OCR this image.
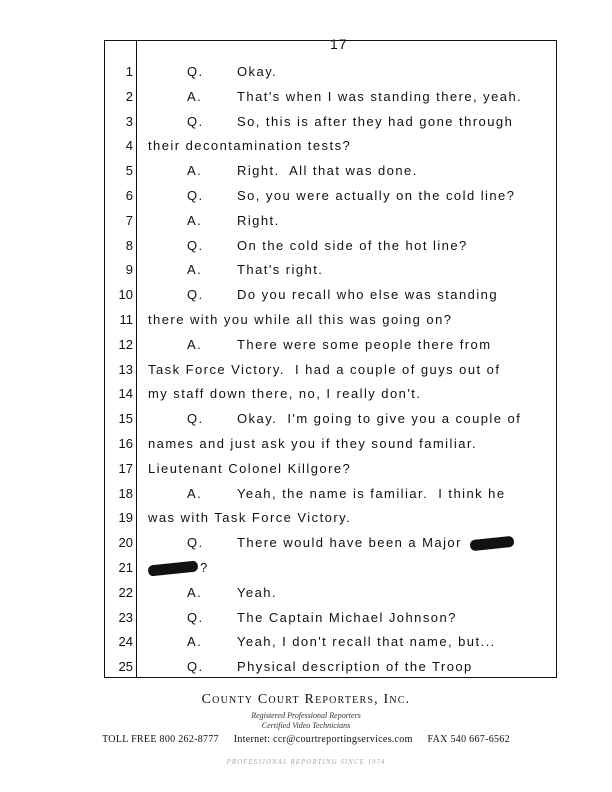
17
1	Q.	Okay.
2	A.	That's when I was standing there, yeah.
3	Q.	So, this is after they had gone through
4 their decontamination tests?
5	A.	Right.  All that was done.
6	Q.	So, you were actually on the cold line?
7	A.	Right.
8	Q.	On the cold side of the hot line?
9	A.	That's right.
10	Q.	Do you recall who else was standing
11 there with you while all this was going on?
12	A.	There were some people there from
13 Task Force Victory.  I had a couple of guys out of
14 my staff down there, no, I really don't.
15	Q.	Okay.  I'm going to give you a couple of
16 names and just ask you if they sound familiar.
17 Lieutenant Colonel Killgore?
18	A.	Yeah, the name is familiar.  I think he
19 was with Task Force Victory.
20	Q.	There would have been a Major
21	?
22	A.	Yeah.
23	Q.	The Captain Michael Johnson?
24	A.	Yeah, I don't recall that name, but...
25	Q.	Physical description of the Troop
County Court Reporters, Inc.
Registered Professional Reporters
Certified Video Technicians
TOLL FREE 800 262-8777 Internet: ccr@courtreportingservices.com FAX 540 667-6562
PROFESSIONAL REPORTING SINCE 1974
